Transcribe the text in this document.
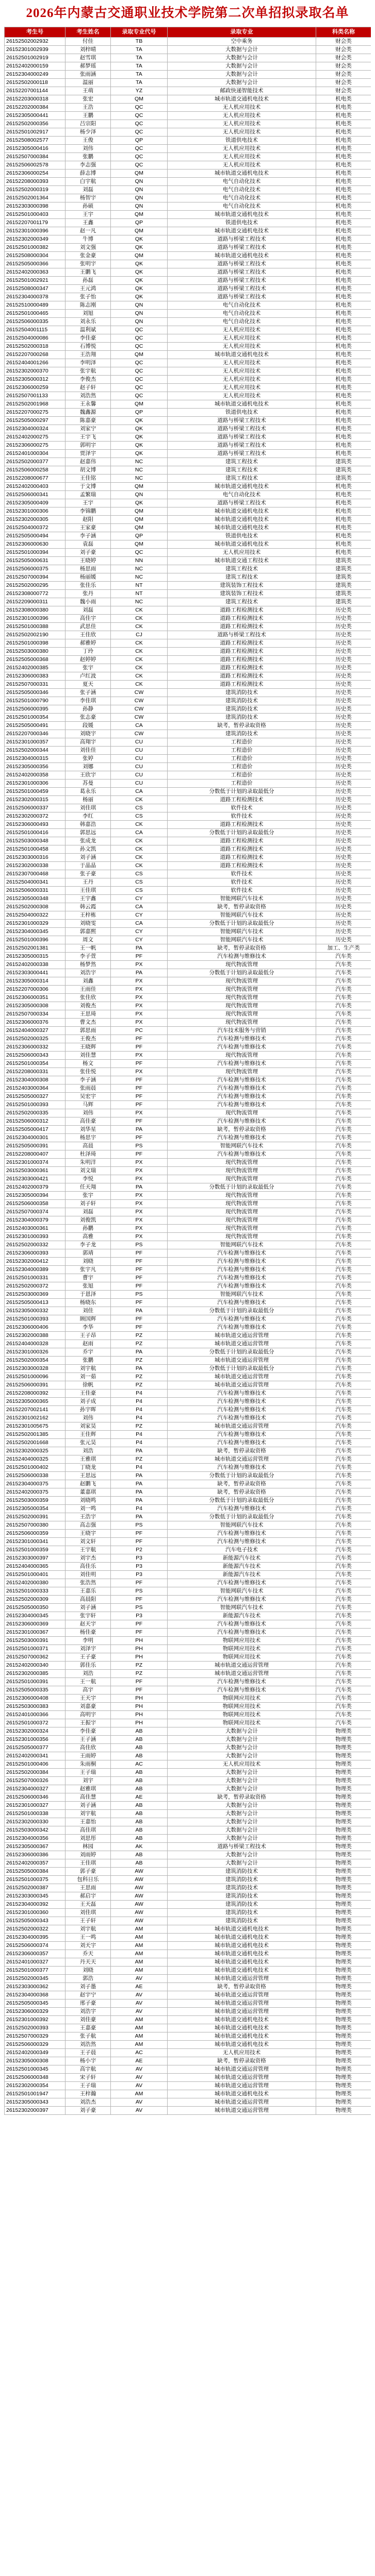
2026年内蒙古交通职业技术学院第二次单招拟录取名单
考生号	考生姓名	录取专业代号	录取专业	科类名称
26152502002932	付佳	TB	空中乘务	财会类
26152301002939	刘梓晴	TA	大数据与会计	财会类
26152501002919	赵雪琪	TA	大数据与会计	财会类
26152402000159	郝梦瑶	TA	大数据与会计	财会类
26152304000249	张雨涵	TA	大数据与会计	财会类
26152502000118	温丽	TA	大数据与会计	财会类
26152207001144	王萌	YZ	邮政快递智能技术	财会类
26152203000318	张宏	QM	城市轨道交通机电技术	机电类
26152202000384	王浩	QC	无人机应用技术	机电类
26152305000441	王鹏	QC	无人机应用技术	机电类
26152502000356	吕宗阳	QC	无人机应用技术	机电类
26152501002917	杨少泽	QC	无人机应用技术	机电类
26152508002577	王俊	QP	铁道供电技术	机电类
26152305000416	刘伟	QC	无人机应用技术	机电类
26152507000384	张鹏	QC	无人机应用技术	机电类
26152506002578	李志强	QC	无人机应用技术	机电类
26152306000254	薛志博	QM	城市轨道交通机电技术	机电类
26152208000393	白宇航	QN	电气自动化技术	机电类
26152502000319	刘磊	QN	电气自动化技术	机电类
26152502001364	杨智宇	QN	电气自动化技术	机电类
26152303000398	孙硕	QN	电气自动化技术	机电类
26152501000403	王宇	QM	城市轨道交通机电技术	机电类
26152207001179	王鑫	QP	铁道供电技术	机电类
26152301000396	赵一凡	QM	城市轨道交通机电技术	机电类
26152302000349	牛博	QK	道路与桥梁工程技术	机电类
26152501000382	刘文强	QK	道路与桥梁工程技术	机电类
26152508000304	张金豪	QM	城市轨道交通机电技术	机电类
26152505000366	张明宇	QK	道路与桥梁工程技术	机电类
26152402000363	王鹏飞	QK	道路与桥梁工程技术	机电类
26152501002921	孙磊	QK	道路与桥梁工程技术	机电类
26152508000347	王元鸿	QK	道路与桥梁工程技术	机电类
26152304000378	张子怡	QK	道路与桥梁工程技术	机电类
26152510000489	陈志刚	QN	电气自动化技术	机电类
26152501000465	刘旭	QN	电气自动化技术	机电类
26152506000335	刘永乐	QN	电气自动化技术	机电类
26152504001115	温利斌	QC	无人机应用技术	机电类
26152504000086	李佳豪	QC	无人机应用技术	机电类
26152502000318	石博悦	QC	无人机应用技术	机电类
26152207000268	王浩翔	QM	城市轨道交通机电技术	机电类
26152404001266	李明泽	QC	无人机应用技术	机电类
26152302000370	张宇航	QC	无人机应用技术	机电类
26152305000312	李俊杰	QC	无人机应用技术	机电类
26152306000259	赵子轩	QC	无人机应用技术	机电类
26152507001133	刘浩然	QC	无人机应用技术	机电类
26152502001968	王永馨	QM	城市轨道交通机电技术	机电类
26152207000275	魏鑫源	QP	铁道供电技术	机电类
26152505000297	陈嘉豪	QK	道路与桥梁工程技术	机电类
26152304000324	刘家宁	QK	道路与桥梁工程技术	机电类
26152402000275	王宇飞	QK	道路与桥梁工程技术	机电类
26152306000275	郭明宇	QK	道路与桥梁工程技术	机电类
26152401000304	贾泽宇	QK	道路与桥梁工程技术	机电类
26152502000377	赵嘉伟	NC	建筑工程技术	建筑类
26152506000258	胡文博	NC	建筑工程技术	建筑类
26152208000677	王佳铭	NC	建筑工程技术	建筑类
26152402000403	于文博	QM	城市轨道交通机电技术	机电类
26152506000341	孟繁瑞	QN	电气自动化技术	机电类
26152305000409	王宇	QK	道路与桥梁工程技术	机电类
26152301000306	李锦鹏	QM	城市轨道交通机电技术	机电类
26152302000305	赵阳	QM	城市轨道交通机电技术	机电类
26152504000372	王家豪	QM	城市轨道交通机电技术	机电类
26152505000494	李子涵	QP	铁道供电技术	机电类
26152306000630	袁磊	QM	城市轨道交通机电技术	机电类
26152501000394	刘子豪	QC	无人机应用技术	机电类
26152505000631	王晓婷	NN	城市轨道交通工程技术	建筑类
26152506000375	杨思雨	NC	建筑工程技术	建筑类
26152507000394	杨丽媛	NC	建筑工程技术	建筑类
26152502000295	张佳乐	NT	建筑装饰工程技术	建筑类
26152308000772	张丹	NT	建筑装饰工程技术	建筑类
26152209000311	魏小雨	NC	建筑工程技术	建筑类
26152308000380	刘磊	CK	道路工程检测技术	历史类
26152301000396	高佳宇	CK	道路工程检测技术	历史类
26152501000388	武思佳	CK	道路工程检测技术	历史类
26152502002190	王佳欣	CJ	道路与桥梁工程技术	历史类
26152501000398	郝雅婷	CK	道路工程检测技术	历史类
26152503000380	丁玲	CK	道路工程检测技术	历史类
26152505000368	赵婷婷	CK	道路工程检测技术	历史类
26152402000385	张宇	CK	道路工程检测技术	历史类
26152306000383	卢红波	CK	道路工程检测技术	历史类
26152507000331	夏天	CK	道路工程检测技术	历史类
26152505000346	张子涵	CW	建筑消防技术	历史类
26152501000790	李佳琪	CW	建筑消防技术	历史类
26152506000395	孙静	CW	建筑消防技术	历史类
26152501000354	张志豪	CW	建筑消防技术	历史类
26152505000491	段媛	CA	缺考，暂停录取资格	历史类
26152207000346	刘晓宇	CW	建筑消防技术	历史类
26152301000357	高翔宇	CU	工程造价	历史类
26152502000344	刘佳佳	CU	工程造价	历史类
26152304000315	张婷	CU	工程造价	历史类
26152305000356	刘娜	CU	工程造价	历史类
26152402000358	王欣宇	CU	工程造价	历史类
26152301000306	苏曼	CU	工程造价	历史类
26152501000459	葛永乐	CA	分数低于计划的录取最低分	历史类
26152302000315	杨丽	CK	道路工程检测技术	历史类
26152506000337	刘佳琪	CS	软件技术	历史类
26152302000372	李红	CS	软件技术	历史类
26152306000493	韩嘉浩	CK	道路工程检测技术	历史类
26152501000416	郭思远	CA	分数低于计划的录取最低分	历史类
26152503000348	张成龙	CK	道路工程检测技术	历史类
26152501000458	孙文凯	CK	道路工程检测技术	历史类
26152303000316	刘子涵	CK	道路工程检测技术	历史类
26152302000338	于晶晶	CK	道路工程检测技术	历史类
26152307000468	张子豪	CS	软件技术	历史类
26152504000341	王丹	CS	软件技术	历史类
26152506000331	王佳琪	CS	软件技术	历史类
26152305000348	王宇鑫	CY	智能网联汽车技术	历史类
26152502000308	韩云霞	CA	缺考，暂停录取资格	历史类
26152504000322	王梓栋	CY	智能网联汽车技术	历史类
26152301000329	刘晓雯	CA	分数低于计划的录取最低分	历史类
26152304000345	郭嘉熙	CY	智能网联汽车技术	历史类
26152501000396	周文	CY	智能网联汽车技术	历史类
26152502001381	王一帆	PA	缺考，暂停录取资格	加工、生产类
26152305000315	李子萱	PF	汽车检测与维修技术	汽车类
26152402000338	杨梦然	PX	现代物流管理	汽车类
26152303000441	刘浩宇	PA	分数低于计划的录取最低分	汽车类
26152305000314	刘鑫	PX	现代物流管理	汽车类
26152207000306	王雨佳	PX	现代物流管理	汽车类
26152306000351	张佳欣	PX	现代物流管理	汽车类
26152305000308	刘俊杰	PX	现代物流管理	汽车类
26152507000334	王思琦	PX	现代物流管理	汽车类
26152306000376	曹文杰	PX	现代物流管理	汽车类
26152404000327	郭思雨	PC	汽车技术服务与营销	汽车类
26152502000325	王俊杰	PF	汽车检测与维修技术	汽车类
26152306000332	王晓辉	PF	汽车检测与维修技术	汽车类
26152506000343	刘佳慧	PX	现代物流管理	汽车类
26152501000354	杨文	PF	汽车检测与维修技术	汽车类
26152208000331	张佳悦	PX	现代物流管理	汽车类
26152304000308	李子涵	PF	汽车检测与维修技术	汽车类
26152403000364	张雨晨	PF	汽车检测与维修技术	汽车类
26152505000327	吴宏宇	PF	汽车检测与维修技术	汽车类
26152501000393	马辉	PF	汽车检测与维修技术	汽车类
26152502000335	刘伟	PX	现代物流管理	汽车类
26152506000312	高佳豪	PF	汽车检测与维修技术	汽车类
26152505000417	刘华星	PA	缺考，暂停录取资格	汽车类
26152304000301	杨思宇	PF	汽车检测与维修技术	汽车类
26152505000391	高晨	PS	智能网联汽车技术	汽车类
26152208000407	杜泽琦	PF	汽车检测与维修技术	汽车类
26152301000374	朱明洋	PX	现代物流管理	汽车类
26152503000361	刘文瑞	PX	现代物流管理	汽车类
26152303000421	李悦	PX	现代物流管理	汽车类
26152402000379	任天翔	PA	分数低于计划的录取最低分	汽车类
26152305000394	张宇	PX	现代物流管理	汽车类
26152506000358	刘子轩	PX	现代物流管理	汽车类
26152507000374	刘磊	PX	现代物流管理	汽车类
26152304000379	刘俊凯	PX	现代物流管理	汽车类
26152403000361	孙鹏	PX	现代物流管理	汽车类
26152301000393	高雅	PX	现代物流管理	汽车类
26152502000332	李子龙	PS	智能网联汽车技术	汽车类
26152306000393	郭靖	PF	汽车检测与维修技术	汽车类
26152302000412	刘晓	PF	汽车检测与维修技术	汽车类
26152304000389	张宇凡	PF	汽车检测与维修技术	汽车类
26152501000331	曹宇	PF	汽车检测与维修技术	汽车类
26152502000372	张旭	PF	汽车检测与维修技术	汽车类
26152503000369	于恩泽	PS	智能网联汽车技术	汽车类
26152505000413	杨晓东	PF	汽车检测与维修技术	汽车类
26152305000332	刘佳	PA	分数低于计划的录取最低分	汽车类
26152501000393	顾国辉	PF	汽车检测与维修技术	汽车类
26152306000406	李华	PF	汽车检测与维修技术	汽车类
26152302000388	王子昂	PZ	城市轨道交通运营管理	汽车类
26152404000328	赵雨	PZ	城市轨道交通运营管理	汽车类
26152301000326	乔宇	PA	分数低于计划的录取最低分	汽车类
26152502000354	张鹏	PZ	城市轨道交通运营管理	汽车类
26152303000328	刘宇航	PA	分数低于计划的录取最低分	汽车类
26152501000096	刘一茹	PZ	城市轨道交通运营管理	汽车类
26152506000391	徐帆	PZ	城市轨道交通运营管理	汽车类
26152208000392	王佳豪	P4	汽车检测与维修技术	汽车类
26152305000365	刘子成	P4	汽车检测与维修技术	汽车类
26152207002141	孙宇晖	P4	汽车检测与维修技术	汽车类
26152301002162	刘伟	P4	汽车检测与维修技术	汽车类
26152301005675	刘家昊	PZ	城市轨道交通运营管理	汽车类
26152502001385	王佳辉	P4	汽车检测与维修技术	汽车类
26152502001668	张元昊	P4	汽车检测与维修技术	汽车类
26152302000325	刘浩	PA	缺考，暂停录取资格	汽车类
26152404000325	王雅琪	PZ	城市轨道交通运营管理	汽车类
26152501000402	丁晓龙	P4	汽车检测与维修技术	汽车类
26152506000338	王思远	PA	分数低于计划的录取最低分	汽车类
26152304000375	赵鹏飞	PA	缺考，暂停录取资格	汽车类
26152402000375	董嘉琪	PA	缺考，暂停录取资格	汽车类
26152503000359	刘晓鸣	PA	分数低于计划的录取最低分	汽车类
26152305000354	刘一鸣	P4	汽车检测与维修技术	汽车类
26152502000391	王浩宇	PA	分数低于计划的录取最低分	汽车类
26152507000380	高志强	PS	智能网联汽车技术	汽车类
26152506000359	王晓宇	PF	汽车检测与维修技术	汽车类
26152301000341	刘文轩	PF	汽车检测与维修技术	汽车类
26152501000359	王宇航	P2	汽车电子技术	汽车类
26152303000397	刘宇杰	P3	新能源汽车技术	汽车类
26152404000365	高佳乐	P3	新能源汽车技术	汽车类
26152501000401	刘佳明	P3	新能源汽车技术	汽车类
26152402000380	张浩然	PF	汽车检测与维修技术	汽车类
26152501000333	王嘉乐	PS	智能网联汽车技术	汽车类
26152502000309	高晨阳	PF	汽车检测与维修技术	汽车类
26152505000350	刘子涵	PS	智能网联汽车技术	汽车类
26152304000345	张宇轩	P3	新能源汽车技术	汽车类
26152306000369	赵天宇	PF	汽车检测与维修技术	汽车类
26152301000367	杨佳豪	PF	汽车检测与维修技术	汽车类
26152503000391	李明	PH	物联网应用技术	汽车类
26152501000371	刘泽宇	PH	物联网应用技术	汽车类
26152507000362	王子豪	PH	物联网应用技术	汽车类
26152402000340	郭佳乐	PZ	城市轨道交通运营管理	汽车类
26152302000385	刘浩	PZ	城市轨道交通运营管理	汽车类
26152501000391	王一航	PF	汽车检测与维修技术	汽车类
26152505000335	高宇	PF	汽车检测与维修技术	汽车类
26152306000408	王天宇	PH	物联网应用技术	汽车类
26152503000383	刘嘉豪	PH	物联网应用技术	汽车类
26152401000366	高明宇	PH	物联网应用技术	汽车类
26152501000372	王振宇	PH	物联网应用技术	汽车类
26152302000324	李佳豪	AB	大数据与会计	物理类
26152301000356	王子涵	AB	大数据与会计	物理类
26152505000377	高佳欣	AB	大数据与会计	物理类
26152402000341	王雨婷	AB	大数据与会计	物理类
26152501000406	朱雨桐	AC	无人机应用技术	物理类
26152502000384	王子瑞	AB	大数据与会计	物理类
26152507000326	刘宇	AB	大数据与会计	物理类
26152304000327	赵雅琪	AB	大数据与会计	物理类
26152506000346	高佳慧	AE	缺考，暂停录取资格	物理类
26152301000327	刘子涵	AB	大数据与会计	物理类
26152501000338	刘宇航	AB	大数据与会计	物理类
26152302000330	王嘉怡	AB	大数据与会计	物理类
26152503000342	高佳琪	AB	大数据与会计	物理类
26152304000356	刘思彤	AB	大数据与会计	物理类
26152305000367	林园	AK	道路与桥梁工程技术	物理类
26152306000386	刘雨婷	AB	大数据与会计	物理类
26152402000357	王佳琪	AB	大数据与会计	物理类
26152505000384	郭子豪	AW	建筑消防技术	物理类
26152501000375	包科日乐	AW	建筑消防技术	物理类
26152502000387	王思雨	AW	建筑消防技术	物理类
26152303000345	郝启宇	AW	建筑消防技术	物理类
26152304000392	王天磊	AW	建筑消防技术	物理类
26152301000360	刘佳琪	AW	建筑消防技术	物理类
26152505000343	王子轩	AW	建筑消防技术	物理类
26152502000322	刘宇航	AM	城市轨道交通机电技术	物理类
26152304000395	王一鸣	AM	城市轨道交通机电技术	物理类
26152506000374	刘天宇	AM	城市轨道交通机电技术	物理类
26152306000357	乔天	AM	城市轨道交通机电技术	物理类
26152401000327	丹天天	AM	城市轨道交通机电技术	物理类
26152501000377	刘晓	AM	城市轨道交通机电技术	物理类
26152502000345	郭浩	AV	城市轨道交通运营管理	物理类
26152303000362	刘子墨	AE	缺考，暂停录取资格	物理类
26152304000368	赵宇宁	AV	城市轨道交通运营管理	物理类
26152505000345	邢子豪	AV	城市轨道交通运营管理	物理类
26152306000329	刘浩宇	AV	城市轨道交通运营管理	物理类
26152301000392	刘佳豪	AM	城市轨道交通机电技术	物理类
26152502000393	王嘉豪	AM	城市轨道交通机电技术	物理类
26152507000329	张子航	AM	城市轨道交通机电技术	物理类
26152506000329	刘浩然	AM	城市轨道交通机电技术	物理类
26152402000349	王子晨	AC	无人机应用技术	物理类
26152305000308	杨小宇	AE	缺考，暂停录取资格	物理类
26152501000345	高宇航	AV	城市轨道交通运营管理	物理类
26152506000348	宋子轩	AV	城市轨道交通运营管理	物理类
26152302000354	王子瑞	AV	城市轨道交通运营管理	物理类
26152501001947	王梓瀚	AM	城市轨道交通机电技术	物理类
26152305000343	刘浩杰	AV	城市轨道交通运营管理	物理类
26152302000397	刘子豪	AV	城市轨道交通运营管理	物理类
